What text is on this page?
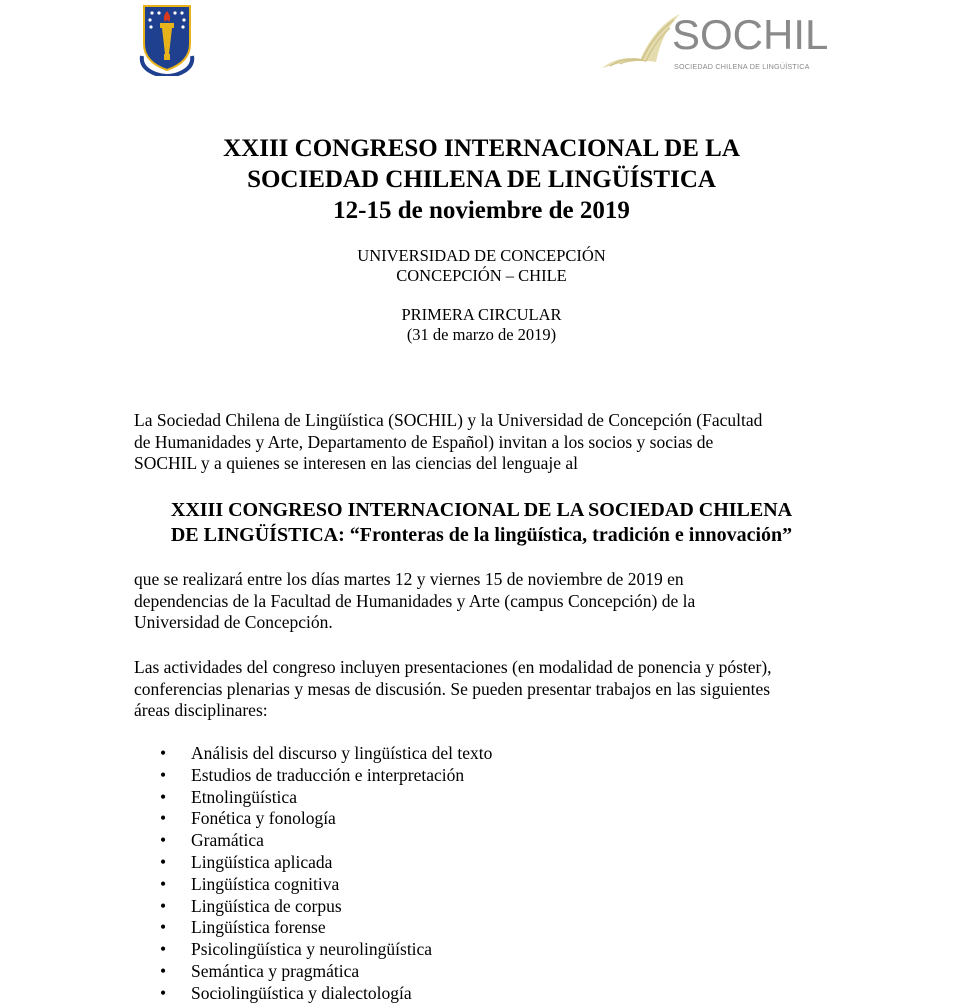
SOCHIL
SOCIEDAD CHILENA DE LINGÜÍSTICA
XXIII CONGRESO INTERNACIONAL DE LA
SOCIEDAD CHILENA DE LINGÜÍSTICA
12-15 de noviembre de 2019
UNIVERSIDAD DE CONCEPCIÓN
CONCEPCIÓN – CHILE
PRIMERA CIRCULAR
(31 de marzo de 2019)
La Sociedad Chilena de Lingüística (SOCHIL) y la Universidad de Concepción (Facultad
de Humanidades y Arte, Departamento de Español) invitan a los socios y socias de
SOCHIL y a quienes se interesen en las ciencias del lenguaje al
XXIII CONGRESO INTERNACIONAL DE LA SOCIEDAD CHILENA
DE LINGÜÍSTICA: “Fronteras de la lingüística, tradición e innovación”
que se realizará entre los días martes 12 y viernes 15 de noviembre de 2019 en
dependencias de la Facultad de Humanidades y Arte (campus Concepción) de la
Universidad de Concepción.
Las actividades del congreso incluyen presentaciones (en modalidad de ponencia y póster),
conferencias plenarias y mesas de discusión. Se pueden presentar trabajos en las siguientes
áreas disciplinares:
• Análisis del discurso y lingüística del texto
• Estudios de traducción e interpretación
• Etnolingüística
• Fonética y fonología
• Gramática
• Lingüística aplicada
• Lingüística cognitiva
• Lingüística de corpus
• Lingüística forense
• Psicolingüística y neurolingüística
• Semántica y pragmática
• Sociolingüística y dialectología
